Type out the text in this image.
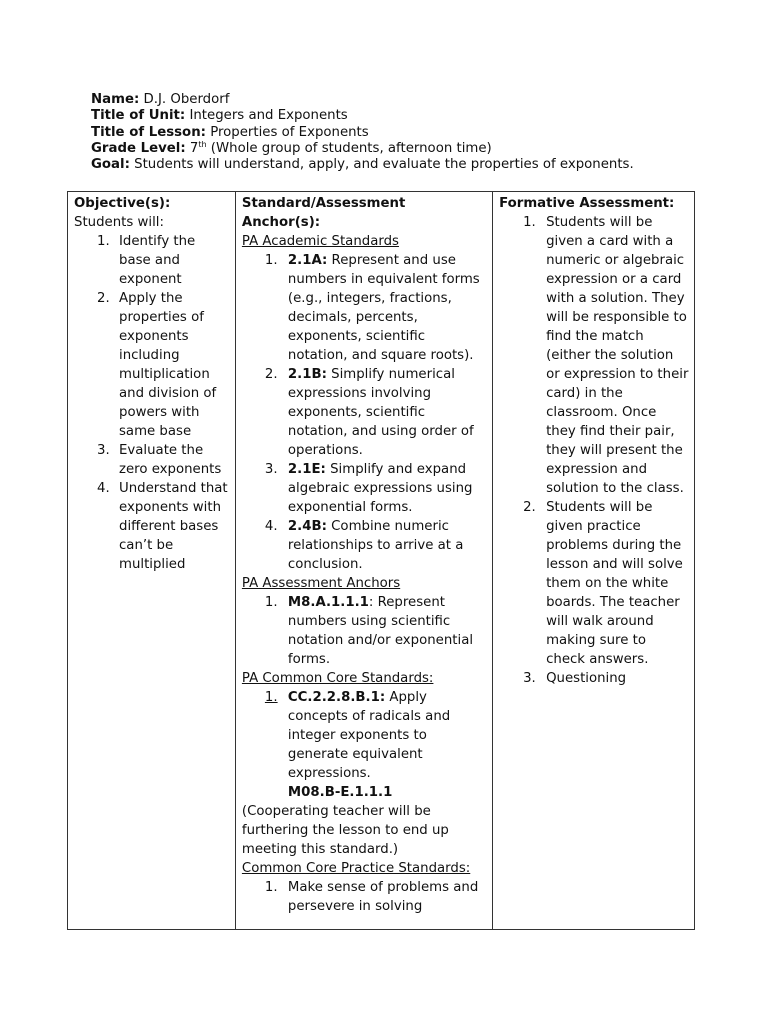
Name: D.J. Oberdorf
Title of Unit: Integers and Exponents
Title of Lesson: Properties of Exponents
Grade Level: 7th (Whole group of students, afternoon time)
Goal: Students will understand, apply, and evaluate the properties of exponents.
Objective(s):
Students will:
1. Identify the base and exponent
2. Apply the properties of exponents including multiplication and division of powers with same base
3. Evaluate the zero exponents
4. Understand that exponents with different bases can’t be multiplied

Standard/Assessment Anchor(s):
PA Academic Standards
1. 2.1A: Represent and use numbers in equivalent forms (e.g., integers, fractions, decimals, percents, exponents, scientific notation, and square roots).
2. 2.1B: Simplify numerical expressions involving exponents, scientific notation, and using order of operations.
3. 2.1E: Simplify and expand algebraic expressions using exponential forms.
4. 2.4B: Combine numeric relationships to arrive at a conclusion.
PA Assessment Anchors
1. M8.A.1.1.1: Represent numbers using scientific notation and/or exponential forms.
PA Common Core Standards:
1. CC.2.2.8.B.1: Apply concepts of radicals and integer exponents to generate equivalent expressions.
M08.B-E.1.1.1
(Cooperating teacher will be furthering the lesson to end up meeting this standard.)
Common Core Practice Standards:
1. Make sense of problems and persevere in solving

Formative Assessment:
1. Students will be given a card with a numeric or algebraic expression or a card with a solution. They will be responsible to find the match (either the solution or expression to their card) in the classroom. Once they find their pair, they will present the expression and solution to the class.
2. Students will be given practice problems during the lesson and will solve them on the white boards. The teacher will walk around making sure to check answers.
3. Questioning
